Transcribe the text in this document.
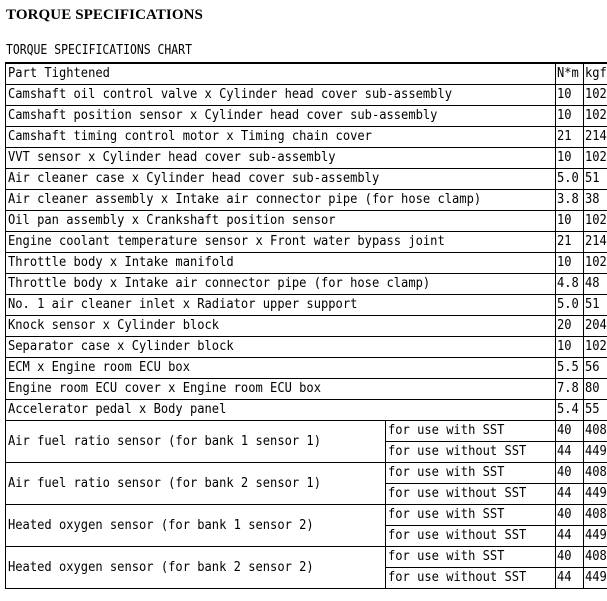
TORQUE SPECIFICATIONS
TORQUE SPECIFICATIONS CHART
Part Tightened		N*m	kgf
Camshaft oil control valve x Cylinder head cover sub-assembly		10	102
Camshaft position sensor x Cylinder head cover sub-assembly		10	102
Camshaft timing control motor x Timing chain cover		21	214
VVT sensor x Cylinder head cover sub-assembly		10	102
Air cleaner case x Cylinder head cover sub-assembly		5.0	51
Air cleaner assembly x Intake air connector pipe (for hose clamp)		3.8	38
Oil pan assembly x Crankshaft position sensor		10	102
Engine coolant temperature sensor x Front water bypass joint		21	214
Throttle body x Intake manifold		10	102
Throttle body x Intake air connector pipe (for hose clamp)		4.8	48
No. 1 air cleaner inlet x Radiator upper support		5.0	51
Knock sensor x Cylinder block		20	204
Separator case x Cylinder block		10	102
ECM x Engine room ECU box		5.5	56
Engine room ECU cover x Engine room ECU box		7.8	80
Accelerator pedal x Body panel		5.4	55
Air fuel ratio sensor (for bank 1 sensor 1)	for use with SST	40	408
	for use without SST	44	449
Air fuel ratio sensor (for bank 2 sensor 1)	for use with SST	40	408
	for use without SST	44	449
Heated oxygen sensor (for bank 1 sensor 2)	for use with SST	40	408
	for use without SST	44	449
Heated oxygen sensor (for bank 2 sensor 2)	for use with SST	40	408
	for use without SST	44	449
